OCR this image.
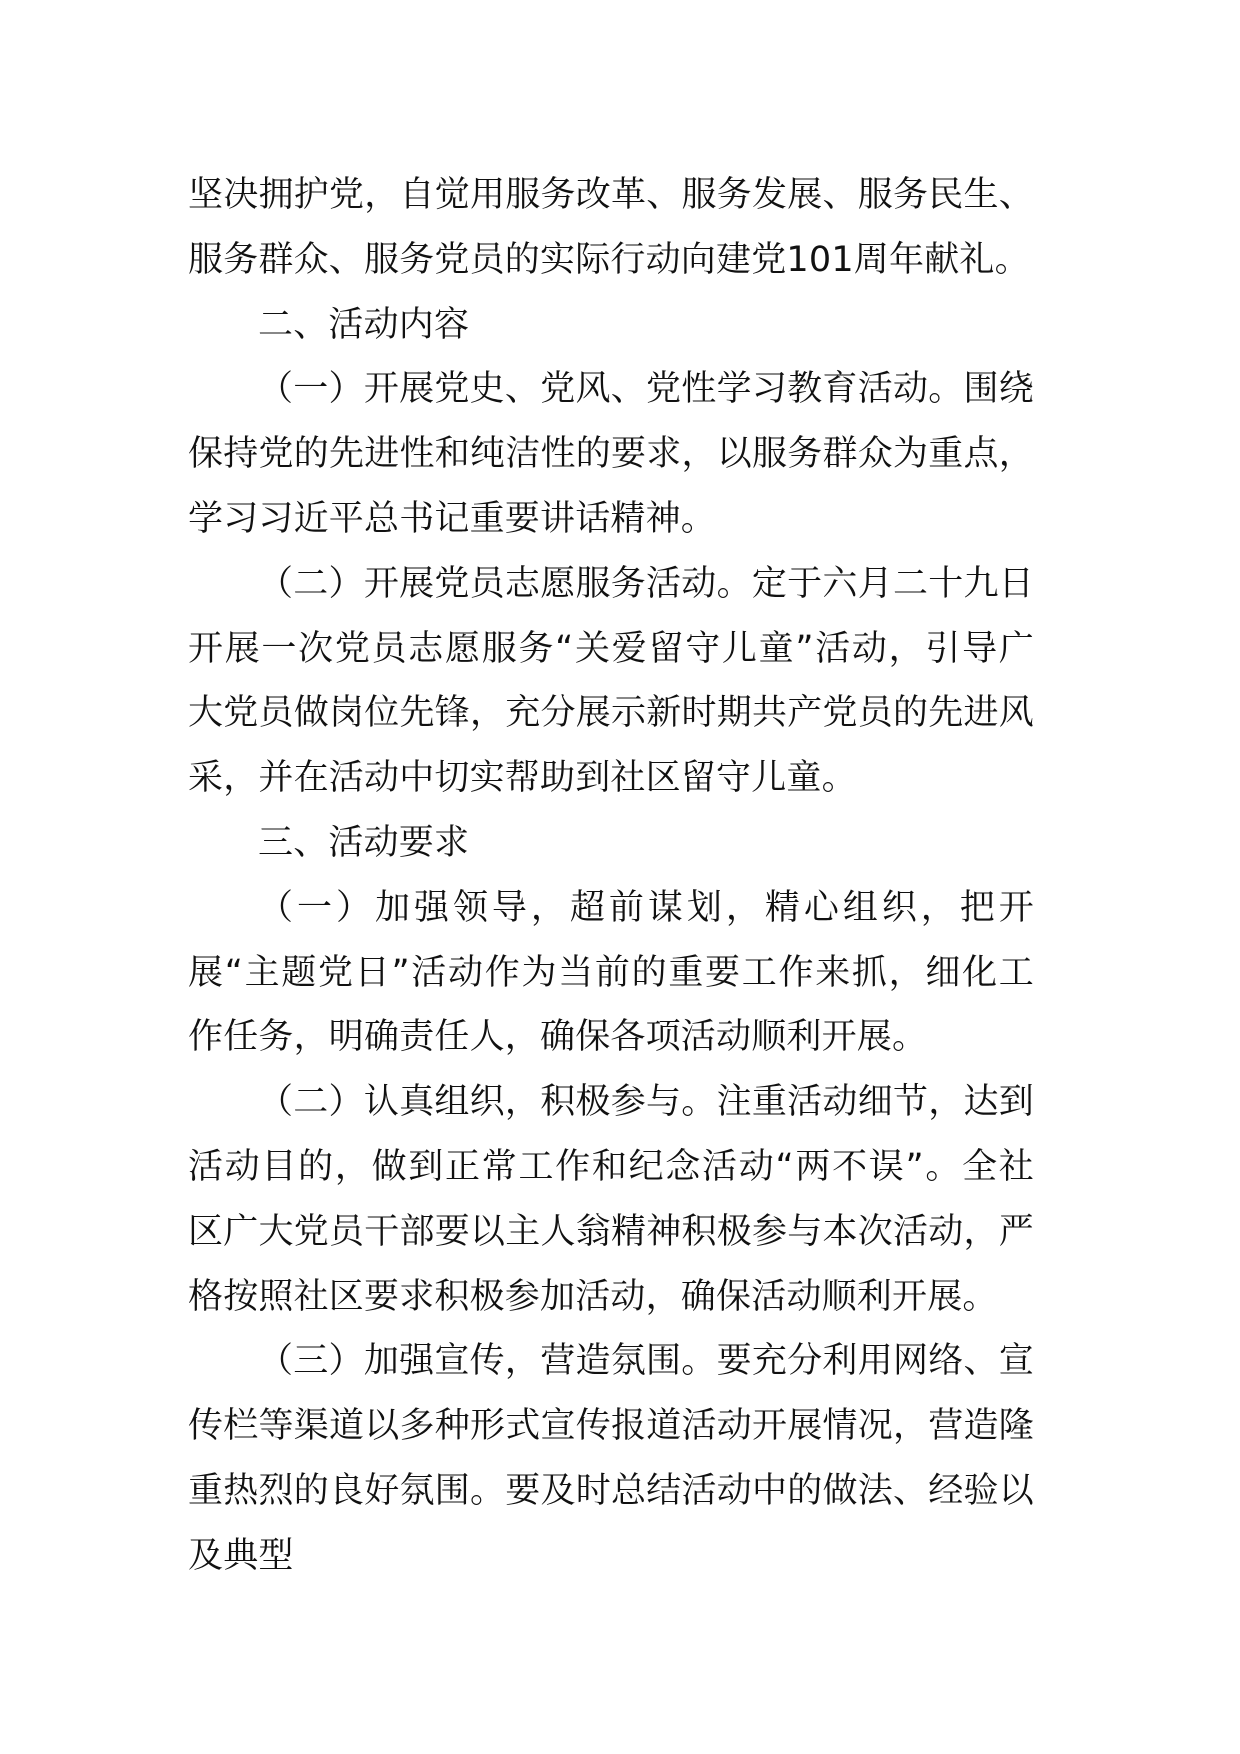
坚决拥护党，自觉用服务改革、服务发展、服务民生、服务群众、服务党员的实际行动向建党101周年献礼。

二、活动内容

（一）开展党史、党风、党性学习教育活动。围绕保持党的先进性和纯洁性的要求，以服务群众为重点，学习习近平总书记重要讲话精神。

（二）开展党员志愿服务活动。定于六月二十九日开展一次党员志愿服务“关爱留守儿童”活动，引导广大党员做岗位先锋，充分展示新时期共产党员的先进风采，并在活动中切实帮助到社区留守儿童。

三、活动要求

（一）加强领导，超前谋划，精心组织，把开展“主题党日”活动作为当前的重要工作来抓，细化工作任务，明确责任人，确保各项活动顺利开展。

（二）认真组织，积极参与。注重活动细节，达到活动目的，做到正常工作和纪念活动“两不误”。全社区广大党员干部要以主人翁精神积极参与本次活动，严格按照社区要求积极参加活动，确保活动顺利开展。

（三）加强宣传，营造氛围。要充分利用网络、宣传栏等渠道以多种形式宣传报道活动开展情况，营造隆重热烈的良好氛围。要及时总结活动中的做法、经验以及典型
